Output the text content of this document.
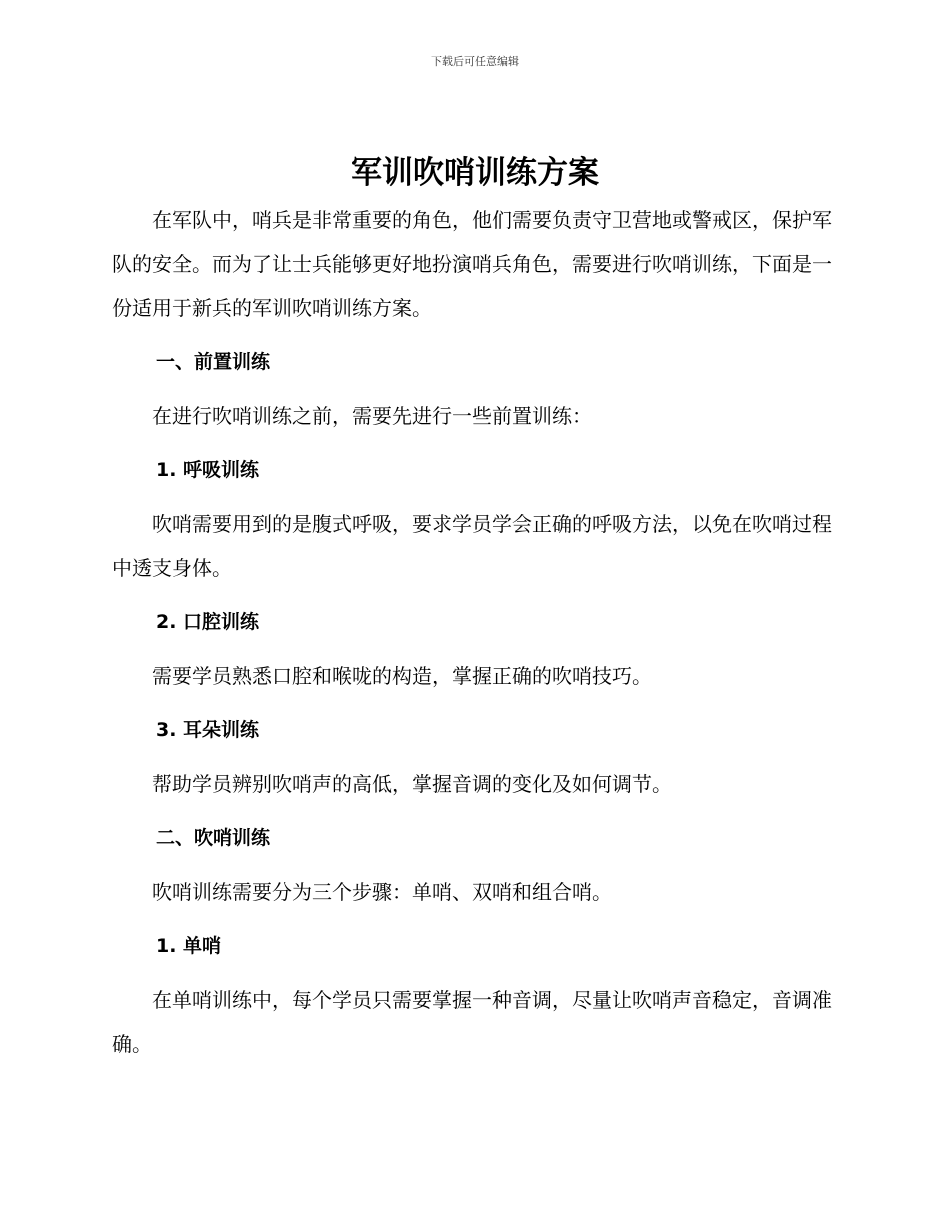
下载后可任意编辑
军训吹哨训练方案

在军队中，哨兵是非常重要的角色，他们需要负责守卫营地或警戒区，保护军队的安全。而为了让士兵能够更好地扮演哨兵角色，需要进行吹哨训练，下面是一份适用于新兵的军训吹哨训练方案。

一、前置训练

在进行吹哨训练之前，需要先进行一些前置训练：

1. 呼吸训练

吹哨需要用到的是腹式呼吸，要求学员学会正确的呼吸方法，以免在吹哨过程中透支身体。

2. 口腔训练

需要学员熟悉口腔和喉咙的构造，掌握正确的吹哨技巧。

3. 耳朵训练

帮助学员辨别吹哨声的高低，掌握音调的变化及如何调节。

二、吹哨训练

吹哨训练需要分为三个步骤：单哨、双哨和组合哨。

1. 单哨

在单哨训练中，每个学员只需要掌握一种音调，尽量让吹哨声音稳定，音调准确。
